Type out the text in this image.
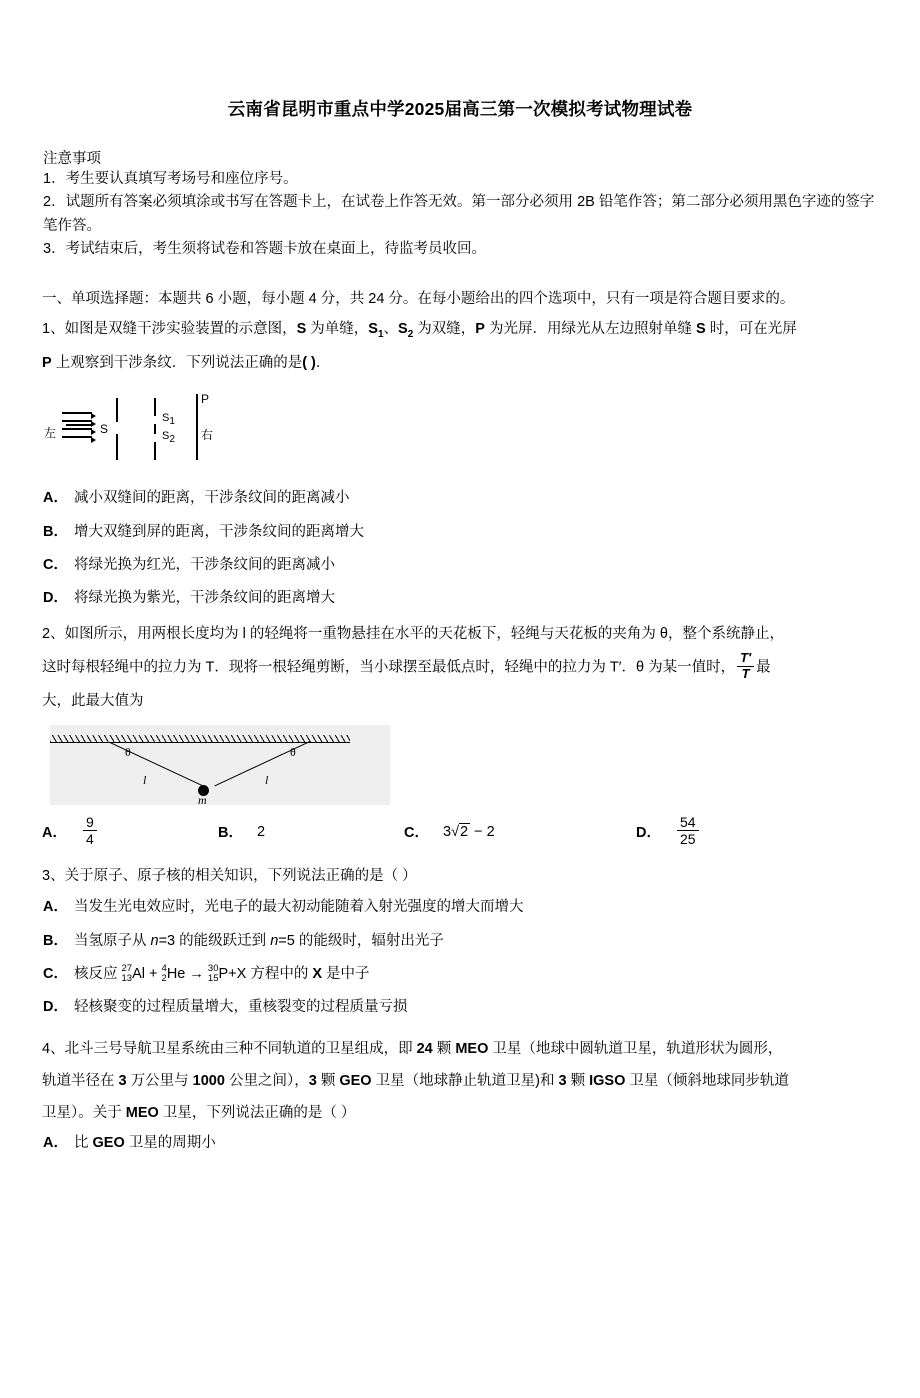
云南省昆明市重点中学2025届高三第一次模拟考试物理试卷
注意事项
1．考生要认真填写考场号和座位序号。
2．试题所有答案必须填涂或书写在答题卡上，在试卷上作答无效。第一部分必须用 2B 铅笔作答；第二部分必须用黑色字迹的签字笔作答。
3．考试结束后，考生须将试卷和答题卡放在桌面上，待监考员收回。
一、单项选择题：本题共 6 小题，每小题 4 分，共 24 分。在每小题给出的四个选项中，只有一项是符合题目要求的。
1、如图是双缝干涉实验装置的示意图，S 为单缝，$S_1$、$S_2$ 为双缝，P 为光屏．用绿光从左边照射单缝 S 时，可在光屏
P 上观察到干涉条纹．下列说法正确的是( )．
左	S
S1
S2
P
右
A． 减小双缝间的距离，干涉条纹间的距离减小
B． 增大双缝到屏的距离，干涉条纹间的距离增大
C． 将绿光换为红光，干涉条纹间的距离减小
D． 将绿光换为紫光，干涉条纹间的距离增大
2、如图所示，用两根长度均为 l 的轻绳将一重物悬挂在水平的天花板下，轻绳与天花板的夹角为 θ，整个系统静止，
这时每根轻绳中的拉力为 T．现将一根轻绳剪断，当小球摆至最低点时，轻绳中的拉力为 T′．θ 为某一值时， $\frac{T'}{T}$ 最
大，此最大值为
θ	θ
l	l
m
A． $\frac{9}{4}$	B． 2	C． 3√2 − 2	D． $\frac{54}{25}$
3、关于原子、原子核的相关知识，下列说法正确的是（ ）
A． 当发生光电效应时，光电子的最大初动能随着入射光强度的增大而增大
B． 当氢原子从 n=3 的能级跃迁到 n=5 的能级时，辐射出光子
C． 核反应 27
13 Al + 4
2 He → 30
15 P+X 方程中的 X 是中子
D． 轻核聚变的过程质量增大，重核裂变的过程质量亏损
4、北斗三号导航卫星系统由三种不同轨道的卫星组成，即 24 颗 MEO 卫星（地球中圆轨道卫星，轨道形状为圆形，
轨道半径在 3 万公里与 1000 公里之间），3 颗 GEO 卫星（地球静止轨道卫星)和 3 颗 IGSO 卫星（倾斜地球同步轨道
卫星）。关于 MEO 卫星，下列说法正确的是（ ）
A． 比 GEO 卫星的周期小
